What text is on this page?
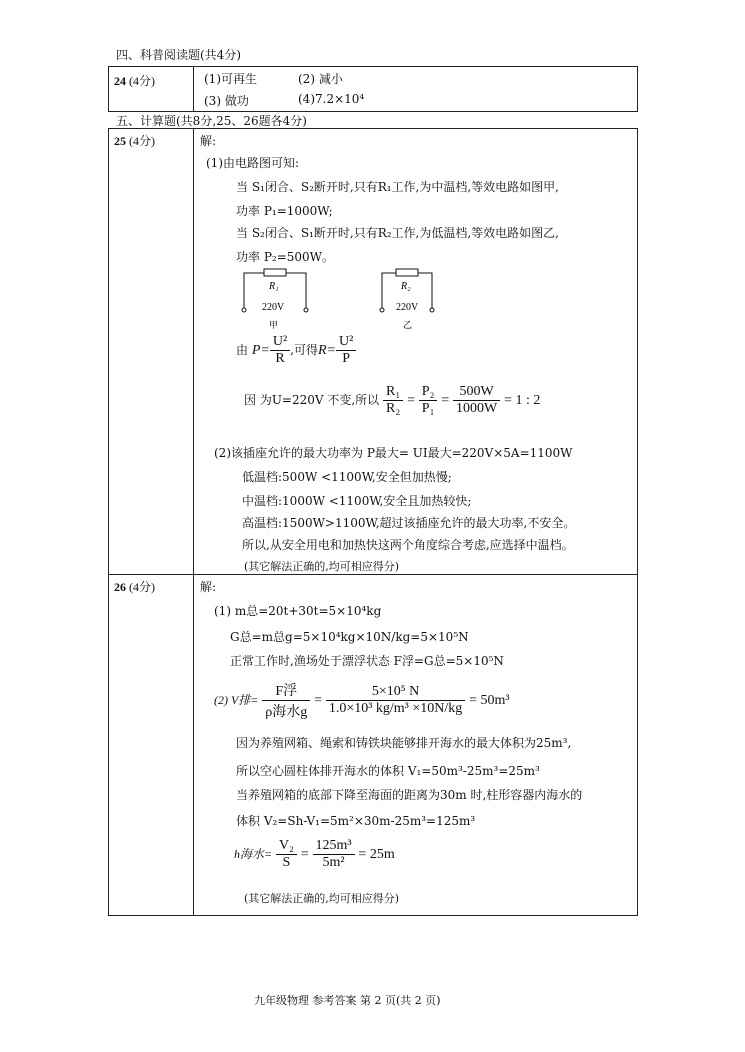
四、科普阅读题(共4分)
24 (4分)	(1)可再生	(2) 减小
(3) 做功	(4)7.2×10⁴
五、计算题(共8分,25、26题各4分)
25 (4分)	解:
(1)由电路图可知:
当 S₁闭合、S₂断开时,只有R₁工作,为中温档,等效电路如图甲,
功率 P₁=1000W;
当 S₂闭合、S₁断开时,只有R₂工作,为低温档,等效电路如图乙,
功率 P₂=500W。
R₁
220V
甲
R₂
220V
乙
由 $P= \frac{\text{U²}}{R}$ ,可得$R= \frac{\text{U²}}{P}$
因 为U=220V 不变,所以 $\frac{\text{R₁}}{\text{R₂}} = \frac{\text{P₂}}{\text{P₁}} = \frac{500W}{1000W} = 1$ : 2
(2)该插座允许的最大功率为 P最大= UI最大=220V×5A=1100W
低温档:500W <1100W,安全但加热慢;
中温档:1000W <1100W,安全且加热较快;
高温档:1500W>1100W,超过该插座允许的最大功率,不安全。
所以,从安全用电和加热快这两个角度综合考虑,应选择中温档。
(其它解法正确的,均可相应得分)
26 (4分)	解:
(1) m总=20t+30t=5×10⁴kg
G总=m总g=5×10⁴kg×10N/kg=5×10⁵N
正常工作时,渔场处于漂浮状态 F浮=G总=5×10⁵N
(2) V排= $\frac{\text{F浮}}{\text{ρ海水g}} = \frac{\text{5×10⁵ N}}{\text{1.0×10³ kg/m³ ×10N/kg}} = 50m^3$
因为养殖网箱、绳索和铸铁块能够排开海水的最大体积为25m³,
所以空心圆柱体排开海水的体积 V₁=50m³-25m³=25m³
当养殖网箱的底部下降至海面的距离为30m 时,柱形容器内海水的
体积 V₂=Sh-V₁=5m²×30m-25m³=125m³
h海水= $\frac{\text{V₂}}{S} = \frac{\text{125m³}}{\text{5m²}} = 25m$
(其它解法正确的,均可相应得分)
九年级物理 参考答案 第 2 页(共 2 页)
